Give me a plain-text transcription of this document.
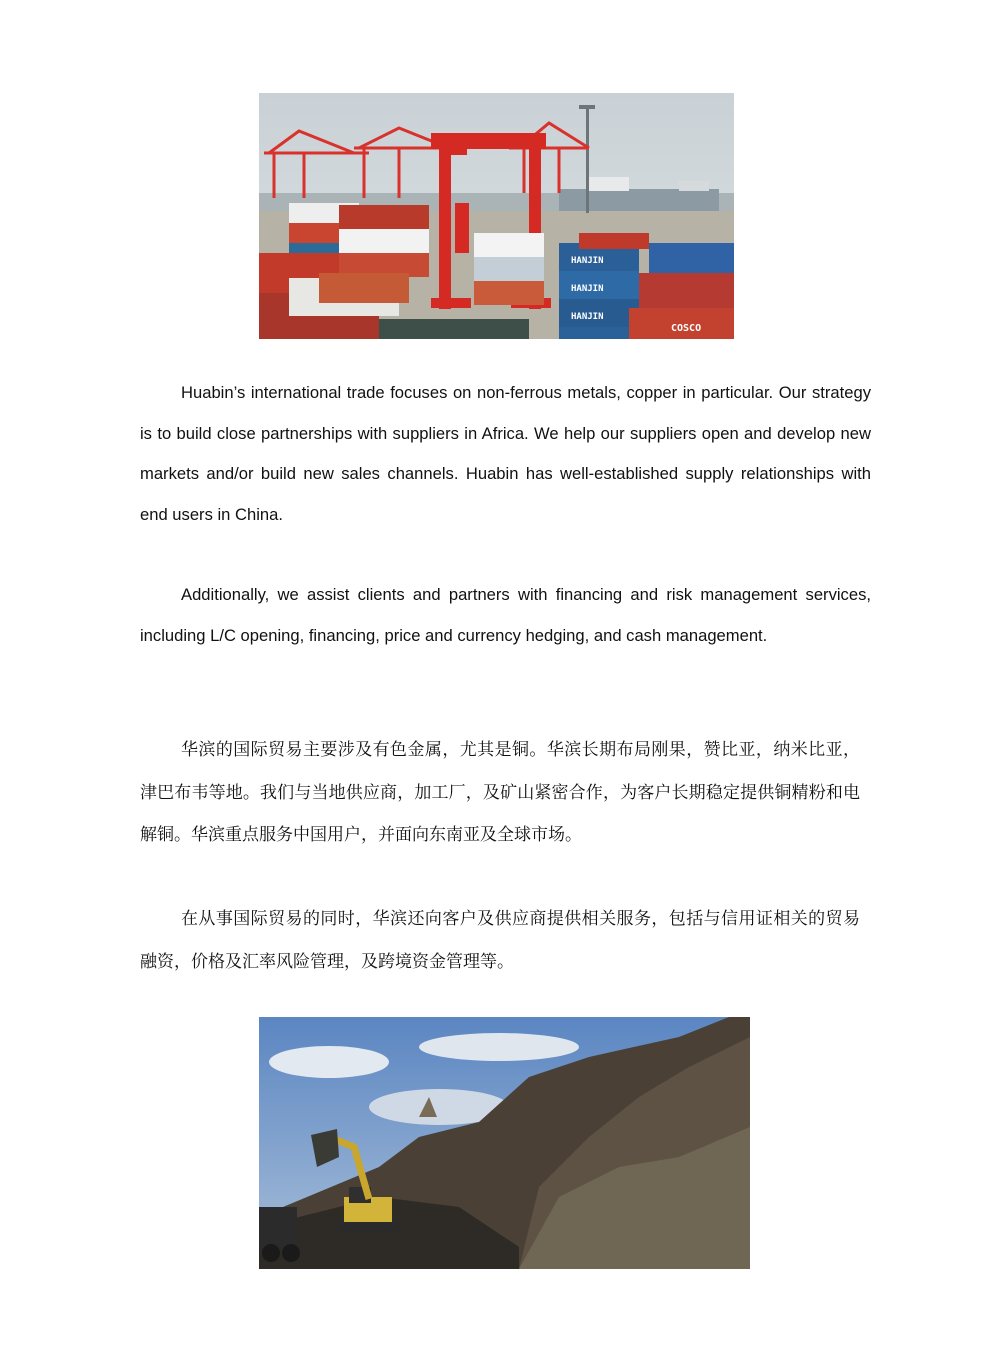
HANJIN
HANJIN
HANJIN
COSCO

Huabin’s international trade focuses on non-ferrous metals, copper in particular. Our strategy is to build close partnerships with suppliers in Africa. We help our suppliers open and develop new markets and/or build new sales channels. Huabin has well-established supply relationships with end users in China.

Additionally, we assist clients and partners with financing and risk management services, including L/C opening, financing, price and currency hedging, and cash management.

华滨的国际贸易主要涉及有色金属，尤其是铜。华滨长期布局刚果，赞比亚，纳米比亚，津巴布韦等地。我们与当地供应商，加工厂，及矿山紧密合作，为客户长期稳定提供铜精粉和电解铜。华滨重点服务中国用户，并面向东南亚及全球市场。

在从事国际贸易的同时，华滨还向客户及供应商提供相关服务，包括与信用证相关的贸易融资，价格及汇率风险管理，及跨境资金管理等。
